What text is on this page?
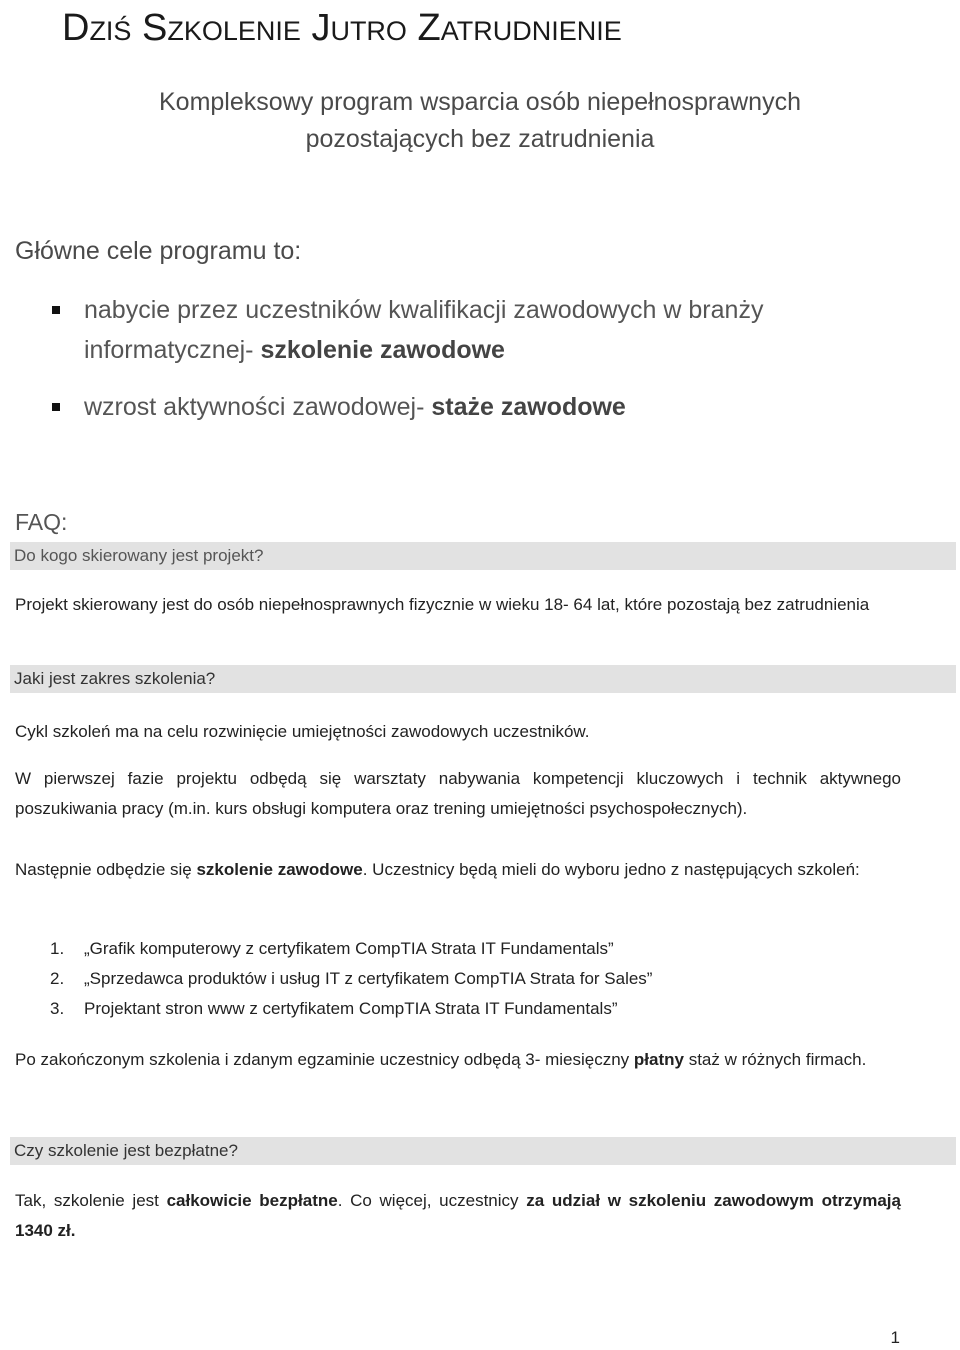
Dziś Szkolenie Jutro Zatrudnienie
Kompleksowy program wsparcia osób niepełnosprawnych
pozostających bez zatrudnienia
Główne cele programu to:
nabycie przez uczestników kwalifikacji zawodowych w branży informatycznej- szkolenie zawodowe
wzrost aktywności zawodowej- staże zawodowe
FAQ:
Do kogo skierowany jest projekt?
Projekt skierowany jest do osób niepełnosprawnych fizycznie w wieku 18- 64 lat, które pozostają bez zatrudnienia
Jaki jest zakres szkolenia?
Cykl szkoleń ma na celu rozwinięcie umiejętności zawodowych uczestników.
W pierwszej fazie projektu odbędą się warsztaty nabywania kompetencji kluczowych i technik aktywnego poszukiwania pracy (m.in. kurs obsługi komputera oraz trening umiejętności psychospołecznych).
Następnie odbędzie się szkolenie zawodowe. Uczestnicy będą mieli do wyboru jedno z następujących szkoleń:
1. „Grafik komputerowy z certyfikatem CompTIA Strata IT Fundamentals”
2. „Sprzedawca produktów i usług IT z certyfikatem CompTIA Strata for Sales”
3. Projektant stron www z certyfikatem CompTIA Strata IT Fundamentals”
Po zakończonym szkolenia i zdanym egzaminie uczestnicy odbędą 3- miesięczny płatny staż w różnych firmach.
Czy szkolenie jest bezpłatne?
Tak, szkolenie jest całkowicie bezpłatne. Co więcej, uczestnicy za udział w szkoleniu zawodowym otrzymają 1340 zł.
1
